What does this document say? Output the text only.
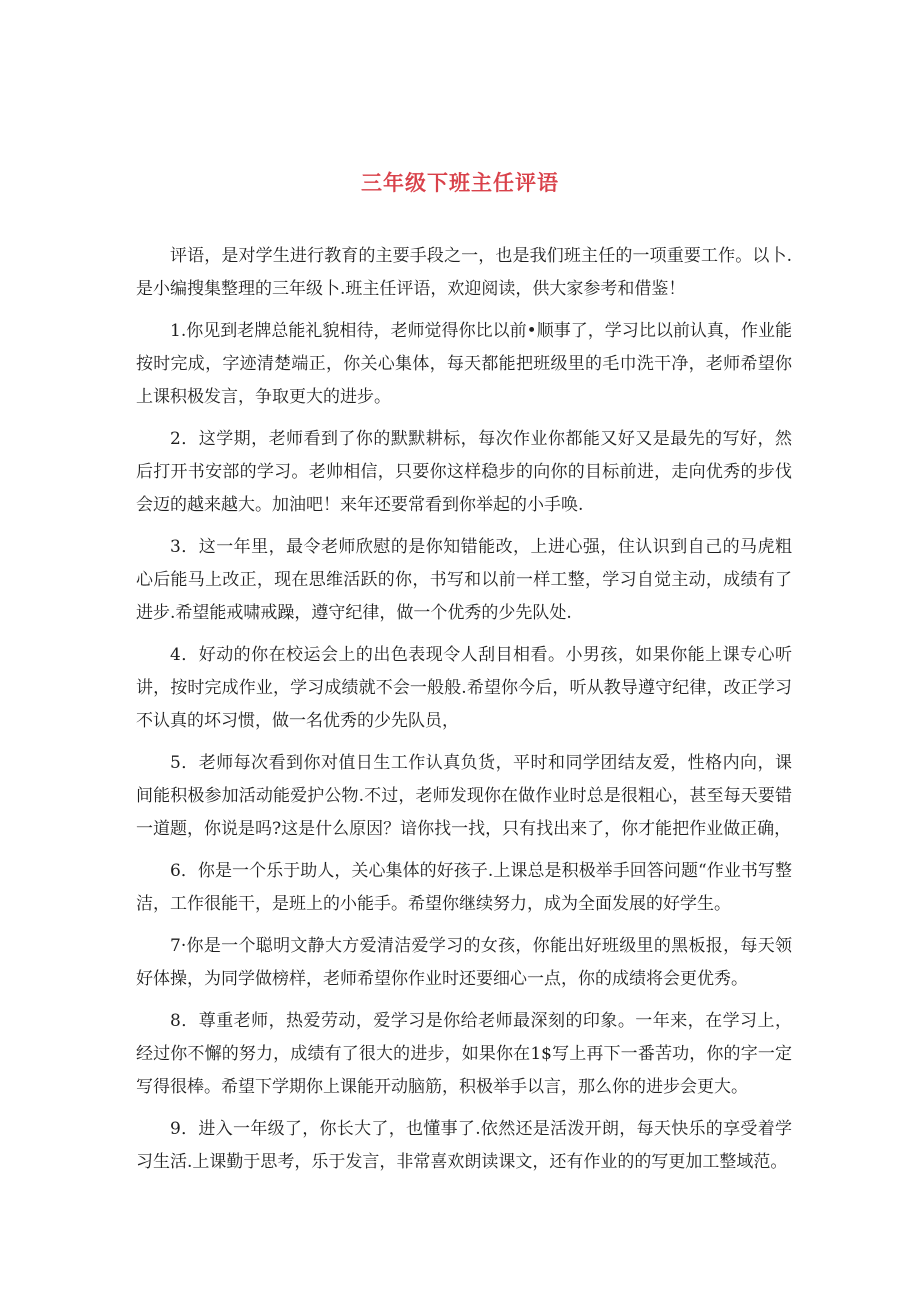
三年级下班主任评语

评语，是对学生进行教育的主要手段之一，也是我们班主任的一项重要工作。以卜.是小编搜集整理的三年级卜.班主任评语，欢迎阅读，供大家参考和借鉴！

1.你见到老牌总能礼貌相待，老师觉得你比以前•顺事了，学习比以前认真，作业能按时完成，字迹清楚端正，你关心集体，每天都能把班级里的毛巾洗干净，老师希望你上课积极发言，争取更大的进步。

2．这学期，老师看到了你的默默耕标，每次作业你都能又好又是最先的写好，然后打开书安部的学习。老帅相信，只要你这样稳步的向你的目标前进，走向优秀的步伐会迈的越来越大。加油吧！来年还要常看到你举起的小手唤.

3．这一年里，最令老师欣慰的是你知错能改，上进心强，住认识到自己的马虎粗心后能马上改正，现在思维活跃的你，书写和以前一样工整，学习自觉主动，成绩有了进步.希望能戒啸戒躁，遵守纪律，做一个优秀的少先队处.

4．好动的你在校运会上的出色表现令人刮目相看。小男孩，如果你能上课专心听讲，按时完成作业，学习成绩就不会一般般.希望你今后，听从教导遵守纪律，改正学习不认真的坏习惯，做一名优秀的少先队员，

5．老师每次看到你对值日生工作认真负货，平时和同学团结友爱，性格内向，课间能积极参加活动能爱护公物.不过，老师发现你在做作业时总是很粗心，甚至每天要错一道题，你说是吗?这是什么原因？谙你找一找，只有找出来了，你才能把作业做正确，

6．你是一个乐于助人，关心集体的好孩子.上课总是积极举手回答问题“作业书写整洁，工作很能干，是班上的小能手。希望你继续努力，成为全面发展的好学生。

7·你是一个聪明文静大方爱清洁爱学习的女孩，你能出好班级里的黑板报，每天领好体操，为同学做榜样，老师希望你作业时还要细心一点，你的成绩将会更优秀。

8．尊重老师，热爱劳动，爱学习是你给老师最深刻的印象。一年来，在学习上，经过你不懈的努力，成绩有了很大的进步，如果你在1$写上再下一番苦功，你的字一定写得很棒。希望下学期你上课能开动脑筋，积极举手以言，那么你的进步会更大。

9．进入一年级了，你长大了，也懂事了.依然还是活泼开朗，每天快乐的享受着学习生活.上课勤于思考，乐于发言，非常喜欢朗读课文，还有作业的的写更加工整域范。
